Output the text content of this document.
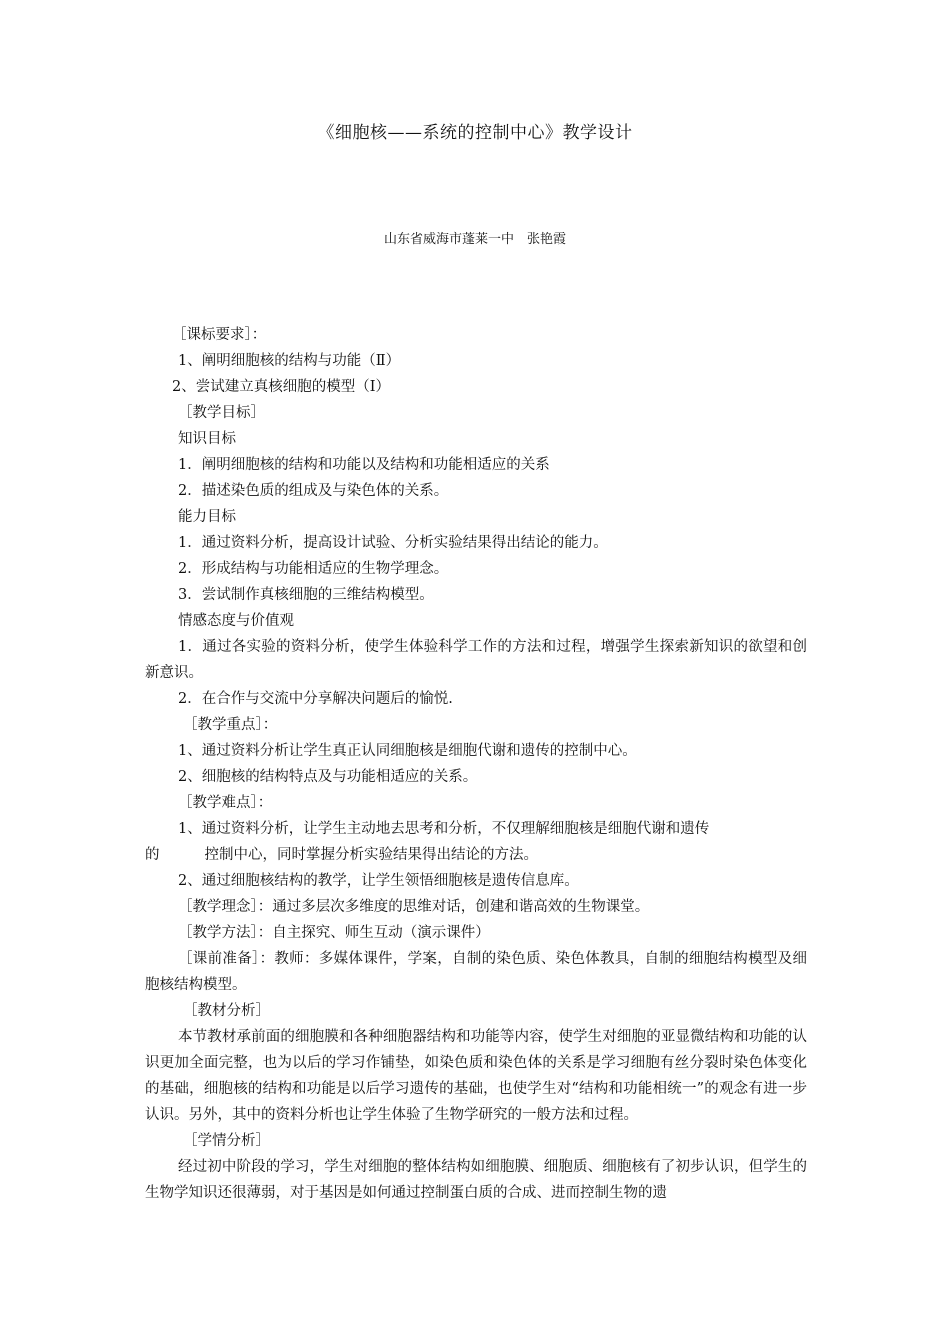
《细胞核——系统的控制中心》教学设计
山东省威海市蓬莱一中　张艳霞

［课标要求］：

1、阐明细胞核的结构与功能（Ⅱ）

2、尝试建立真核细胞的模型（Ⅰ）

［教学目标］

知识目标

1．阐明细胞核的结构和功能以及结构和功能相适应的关系

2．描述染色质的组成及与染色体的关系。

能力目标

1．通过资料分析，提高设计试验、分析实验结果得出结论的能力。

2．形成结构与功能相适应的生物学理念。

3．尝试制作真核细胞的三维结构模型。

情感态度与价值观

1．通过各实验的资料分析，使学生体验科学工作的方法和过程，增强学生探索新知识的欲望和创新意识。

2．在合作与交流中分享解决问题后的愉悦.

［教学重点］：

1、通过资料分析让学生真正认同细胞核是细胞代谢和遗传的控制中心。

2、细胞核的结构特点及与功能相适应的关系。

［教学难点］：

1、通过资料分析，让学生主动地去思考和分析，不仅理解细胞核是细胞代谢和遗传

的	控制中心，同时掌握分析实验结果得出结论的方法。

2、通过细胞核结构的教学，让学生领悟细胞核是遗传信息库。

［教学理念］：通过多层次多维度的思维对话，创建和谐高效的生物课堂。

［教学方法］：自主探究、师生互动（演示课件）

［课前准备］：教师：多媒体课件，学案，自制的染色质、染色体教具，自制的细胞结构模型及细胞核结构模型。

［教材分析］

本节教材承前面的细胞膜和各种细胞器结构和功能等内容，使学生对细胞的亚显微结构和功能的认识更加全面完整，也为以后的学习作铺垫，如染色质和染色体的关系是学习细胞有丝分裂时染色体变化的基础，细胞核的结构和功能是以后学习遗传的基础，也使学生对“结构和功能相统一”的观念有进一步认识。另外，其中的资料分析也让学生体验了生物学研究的一般方法和过程。

［学情分析］

经过初中阶段的学习，学生对细胞的整体结构如细胞膜、细胞质、细胞核有了初步认识，但学生的生物学知识还很薄弱，对于基因是如何通过控制蛋白质的合成、进而控制生物的遗
